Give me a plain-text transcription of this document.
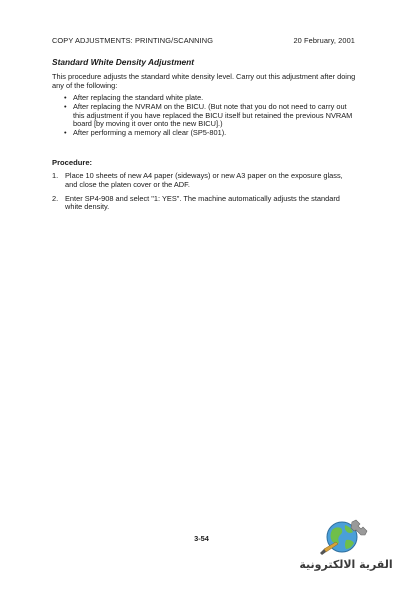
COPY ADJUSTMENTS: PRINTING/SCANNING	20 February, 2001
Standard White Density Adjustment
This procedure adjusts the standard white density level. Carry out this adjustment after doing any of the following:
• After replacing the standard white plate.
• After replacing the NVRAM on the BICU. (But note that you do not need to carry out this adjustment if you have replaced the BICU itself but retained the previous NVRAM board [by moving it over onto the new BICU].)
• After performing a memory all clear (SP5-801).
Procedure:
1. Place 10 sheets of new A4 paper (sideways) or new A3 paper on the exposure glass, and close the platen cover or the ADF.
2. Enter SP4-908 and select "1: YES". The machine automatically adjusts the standard white density.
3-54
القرية الالكترونية
